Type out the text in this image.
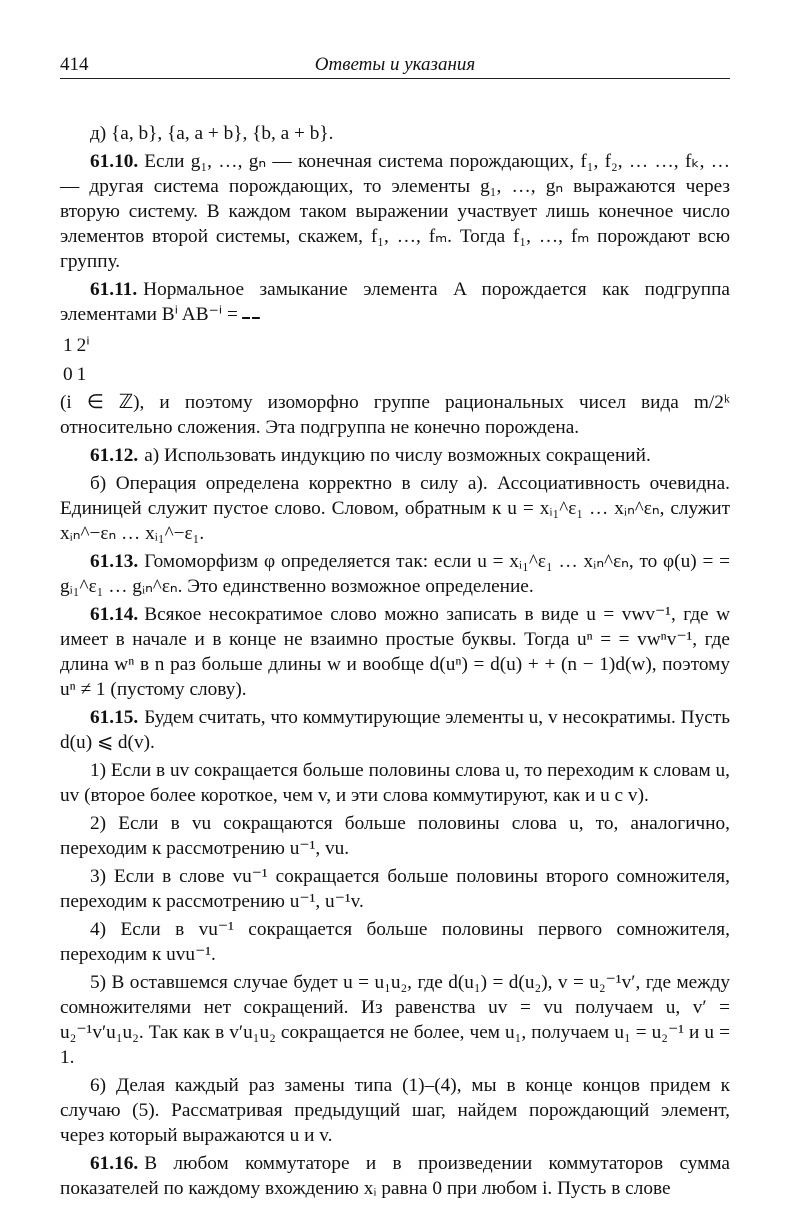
414	Ответы и указания

д) {a, b}, {a, a + b}, {b, a + b}.

61.10. Если g₁, …, gₙ — конечная система порождающих, f₁, f₂, … …, fₖ, … — другая система порождающих, то элементы g₁, …, gₙ выражаются через вторую систему. В каждом таком выражении участвует лишь конечное число элементов второй системы, скажем, f₁, …, fₘ. Тогда f₁, …, fₘ порождают всю группу.

61.11. Нормальное замыкание элемента A порождается как подгруппа элементами Bⁱ AB⁻ⁱ =

1	2ⁱ
0	1
(i ∈ ℤ), и поэтому изоморфно группе рациональных чисел вида m/2ᵏ относительно сложения. Эта подгруппа не конечно порождена.

61.12. а) Использовать индукцию по числу возможных сокращений.

б) Операция определена корректно в силу а). Ассоциативность очевидна. Единицей служит пустое слово. Словом, обратным к u = xᵢ₁^ε₁ … xᵢₙ^εₙ, служит xᵢₙ^−εₙ … xᵢ₁^−ε₁.

61.13. Гомоморфизм φ определяется так: если u = xᵢ₁^ε₁ … xᵢₙ^εₙ, то φ(u) = = gᵢ₁^ε₁ … gᵢₙ^εₙ. Это единственно возможное определение.

61.14. Всякое несократимое слово можно записать в виде u = vwv⁻¹, где w имеет в начале и в конце не взаимно простые буквы. Тогда uⁿ = = vwⁿv⁻¹, где длина wⁿ в n раз больше длины w и вообще d(uⁿ) = d(u) + + (n − 1)d(w), поэтому uⁿ ≠ 1 (пустому слову).

61.15. Будем считать, что коммутирующие элементы u, v несократимы. Пусть d(u) ⩽ d(v).

1) Если в uv сокращается больше половины слова u, то переходим к словам u, uv (второе более короткое, чем v, и эти слова коммутируют, как и u с v).

2) Если в vu сокращаются больше половины слова u, то, аналогично, переходим к рассмотрению u⁻¹, vu.

3) Если в слове vu⁻¹ сокращается больше половины второго сомножителя, переходим к рассмотрению u⁻¹, u⁻¹v.

4) Если в vu⁻¹ сокращается больше половины первого сомножителя, переходим к uvu⁻¹.

5) В оставшемся случае будет u = u₁u₂, где d(u₁) = d(u₂), v = u₂⁻¹v′, где между сомножителями нет сокращений. Из равенства uv = vu получаем u, v′ = u₂⁻¹v′u₁u₂. Так как в v′u₁u₂ сокращается не более, чем u₁, получаем u₁ = u₂⁻¹ и u = 1.

6) Делая каждый раз замены типа (1)–(4), мы в конце концов придем к случаю (5). Рассматривая предыдущий шаг, найдем порождающий элемент, через который выражаются u и v.

61.16. В любом коммутаторе и в произведении коммутаторов сумма показателей по каждому вхождению xᵢ равна 0 при любом i. Пусть в слове
